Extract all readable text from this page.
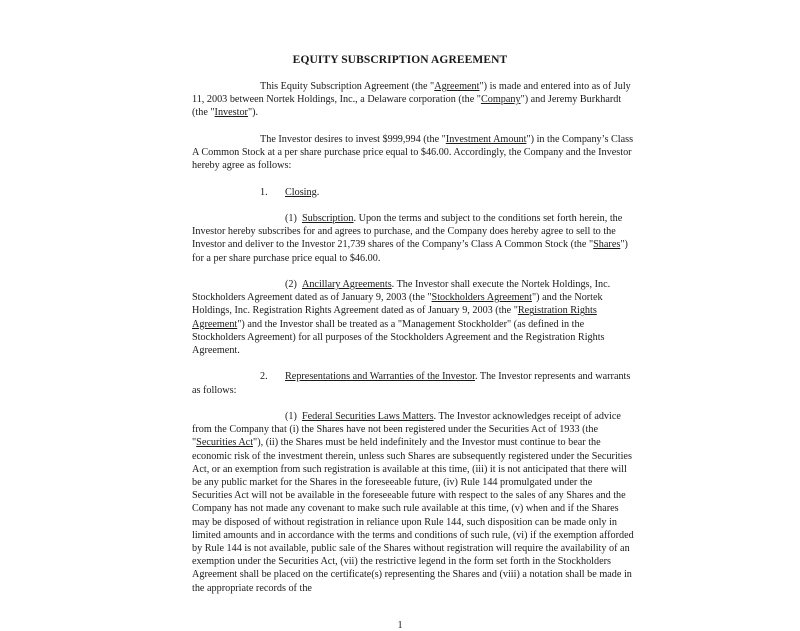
EQUITY SUBSCRIPTION AGREEMENT

This Equity Subscription Agreement (the "Agreement") is made and entered into as of July 11, 2003 between Nortek Holdings, Inc., a Delaware corporation (the "Company") and Jeremy Burkhardt (the "Investor").

The Investor desires to invest $999,994 (the "Investment Amount") in the Company’s Class A Common Stock at a per share purchase price equal to $46.00. Accordingly, the Company and the Investor hereby agree as follows:

1. Closing.

(1) Subscription. Upon the terms and subject to the conditions set forth herein, the Investor hereby subscribes for and agrees to purchase, and the Company does hereby agree to sell to the Investor and deliver to the Investor 21,739 shares of the Company’s Class A Common Stock (the "Shares") for a per share purchase price equal to $46.00.

(2) Ancillary Agreements. The Investor shall execute the Nortek Holdings, Inc. Stockholders Agreement dated as of January 9, 2003 (the "Stockholders Agreement") and the Nortek Holdings, Inc. Registration Rights Agreement dated as of January 9, 2003 (the "Registration Rights Agreement") and the Investor shall be treated as a "Management Stockholder" (as defined in the Stockholders Agreement) for all purposes of the Stockholders Agreement and the Registration Rights Agreement.

2. Representations and Warranties of the Investor. The Investor represents and warrants as follows:

(1) Federal Securities Laws Matters. The Investor acknowledges receipt of advice from the Company that (i) the Shares have not been registered under the Securities Act of 1933 (the "Securities Act"), (ii) the Shares must be held indefinitely and the Investor must continue to bear the economic risk of the investment therein, unless such Shares are subsequently registered under the Securities Act, or an exemption from such registration is available at this time, (iii) it is not anticipated that there will be any public market for the Shares in the foreseeable future, (iv) Rule 144 promulgated under the Securities Act will not be available in the foreseeable future with respect to the sales of any Shares and the Company has not made any covenant to make such rule available at this time, (v) when and if the Shares may be disposed of without registration in reliance upon Rule 144, such disposition can be made only in limited amounts and in accordance with the terms and conditions of such rule, (vi) if the exemption afforded by Rule 144 is not available, public sale of the Shares without registration will require the availability of an exemption under the Securities Act, (vii) the restrictive legend in the form set forth in the Stockholders Agreement shall be placed on the certificate(s) representing the Shares and (viii) a notation shall be made in the appropriate records of the

1
